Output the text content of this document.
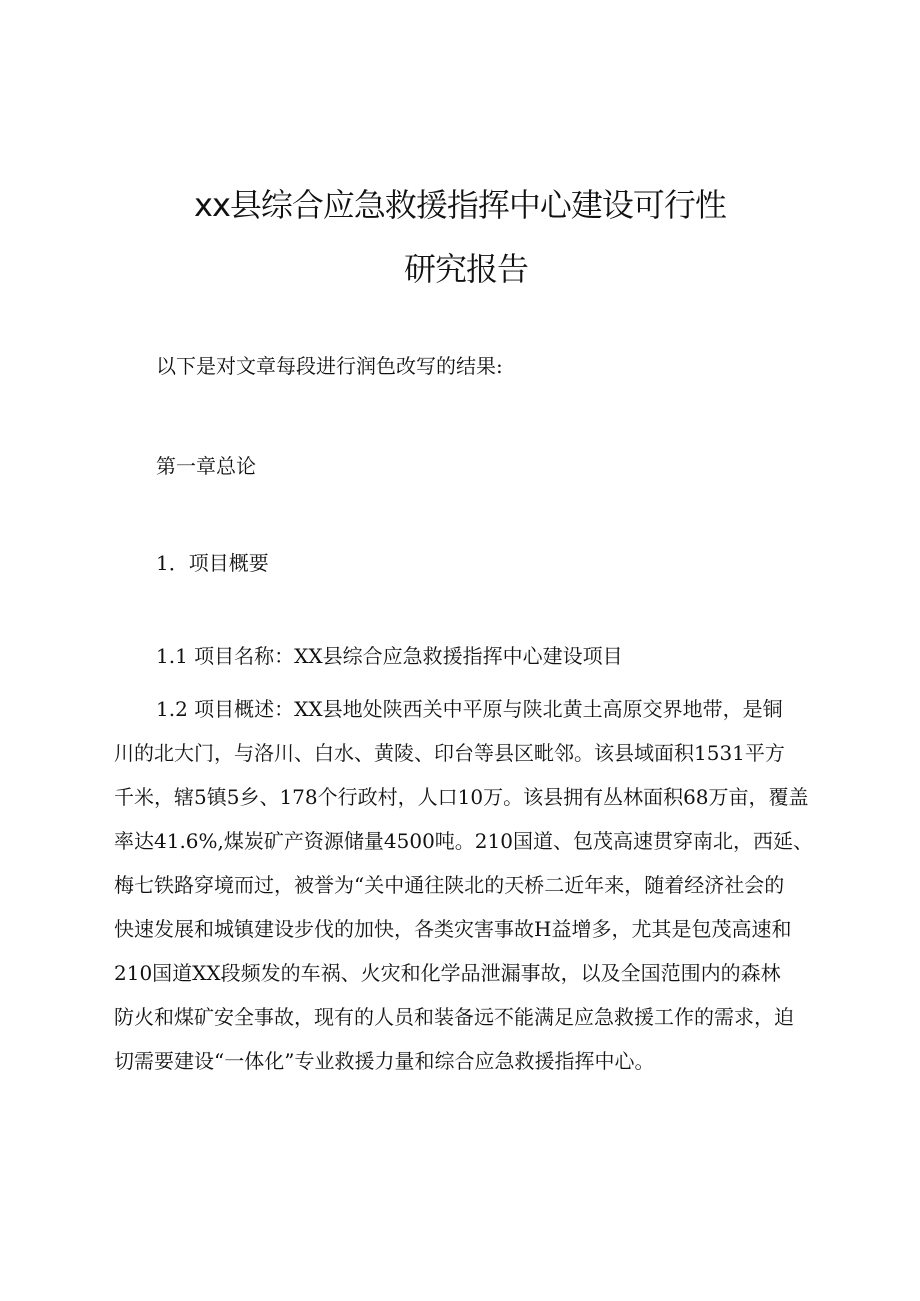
xx县综合应急救援指挥中心建设可行性
研究报告

以下是对文章每段进行润色改写的结果:

第一章总论

1．项目概要

1.1 项目名称：XX县综合应急救援指挥中心建设项目

1.2 项目概述：XX县地处陕西关中平原与陕北黄土高原交界地带，是铜
川的北大门，与洛川、白水、黄陵、印台等县区毗邻。该县域面积1531平方
千米，辖5镇5乡、178个行政村，人口10万。该县拥有丛林面积68万亩，覆盖
率达41.6%,煤炭矿产资源储量4500吨。210国道、包茂高速贯穿南北，西延、
梅七铁路穿境而过，被誉为“关中通往陕北的天桥二近年来，随着经济社会的
快速发展和城镇建设步伐的加快，各类灾害事故H益增多，尤其是包茂高速和
210国道XX段频发的车祸、火灾和化学品泄漏事故，以及全国范围内的森林
防火和煤矿安全事故，现有的人员和装备远不能满足应急救援工作的需求，迫
切需要建设“一体化”专业救援力量和综合应急救援指挥中心。
